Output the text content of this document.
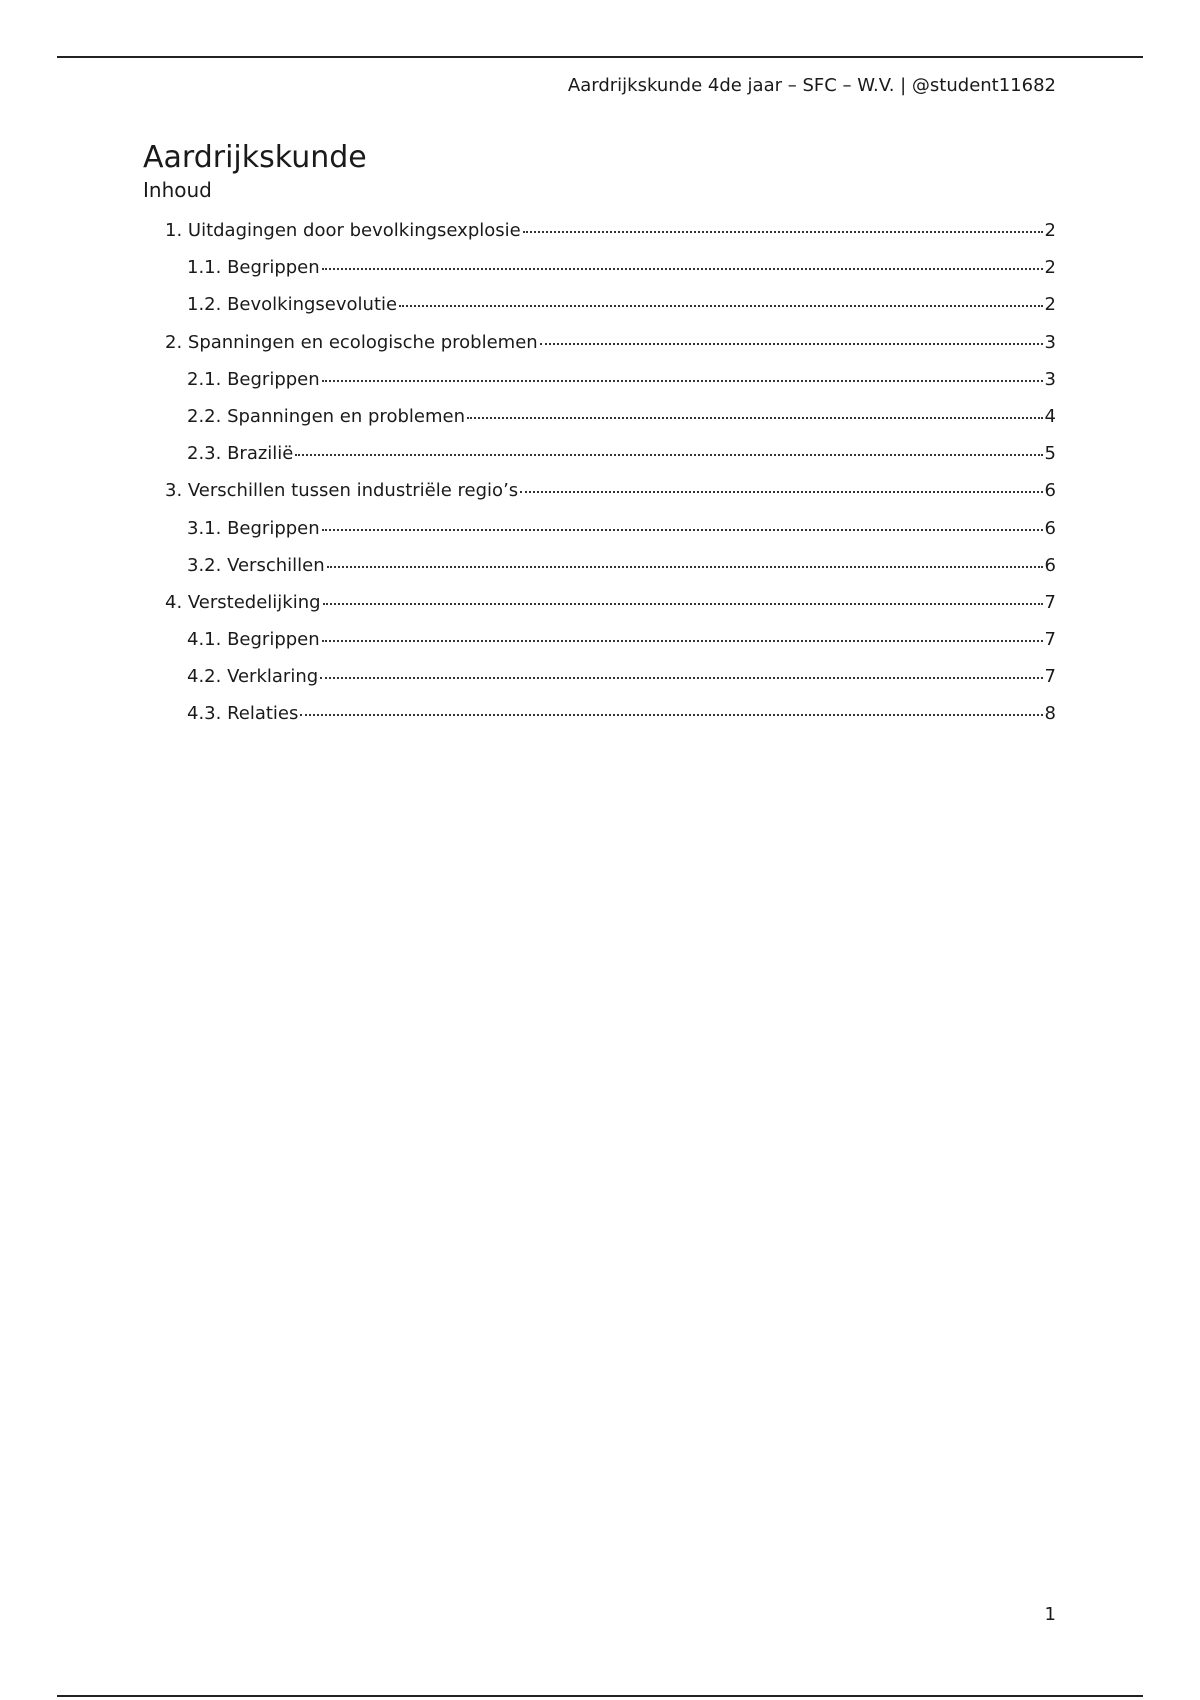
Aardrijkskunde 4de jaar – SFC – W.V. | @student11682
Aardrijkskunde
Inhoud
1. Uitdagingen door bevolkingsexplosie	2
1.1. Begrippen	2
1.2. Bevolkingsevolutie	2
2. Spanningen en ecologische problemen	3
2.1. Begrippen	3
2.2. Spanningen en problemen	4
2.3. Brazilië	5
3. Verschillen tussen industriële regio’s	6
3.1. Begrippen	6
3.2. Verschillen	6
4. Verstedelijking	7
4.1. Begrippen	7
4.2. Verklaring	7
4.3. Relaties	8
1
